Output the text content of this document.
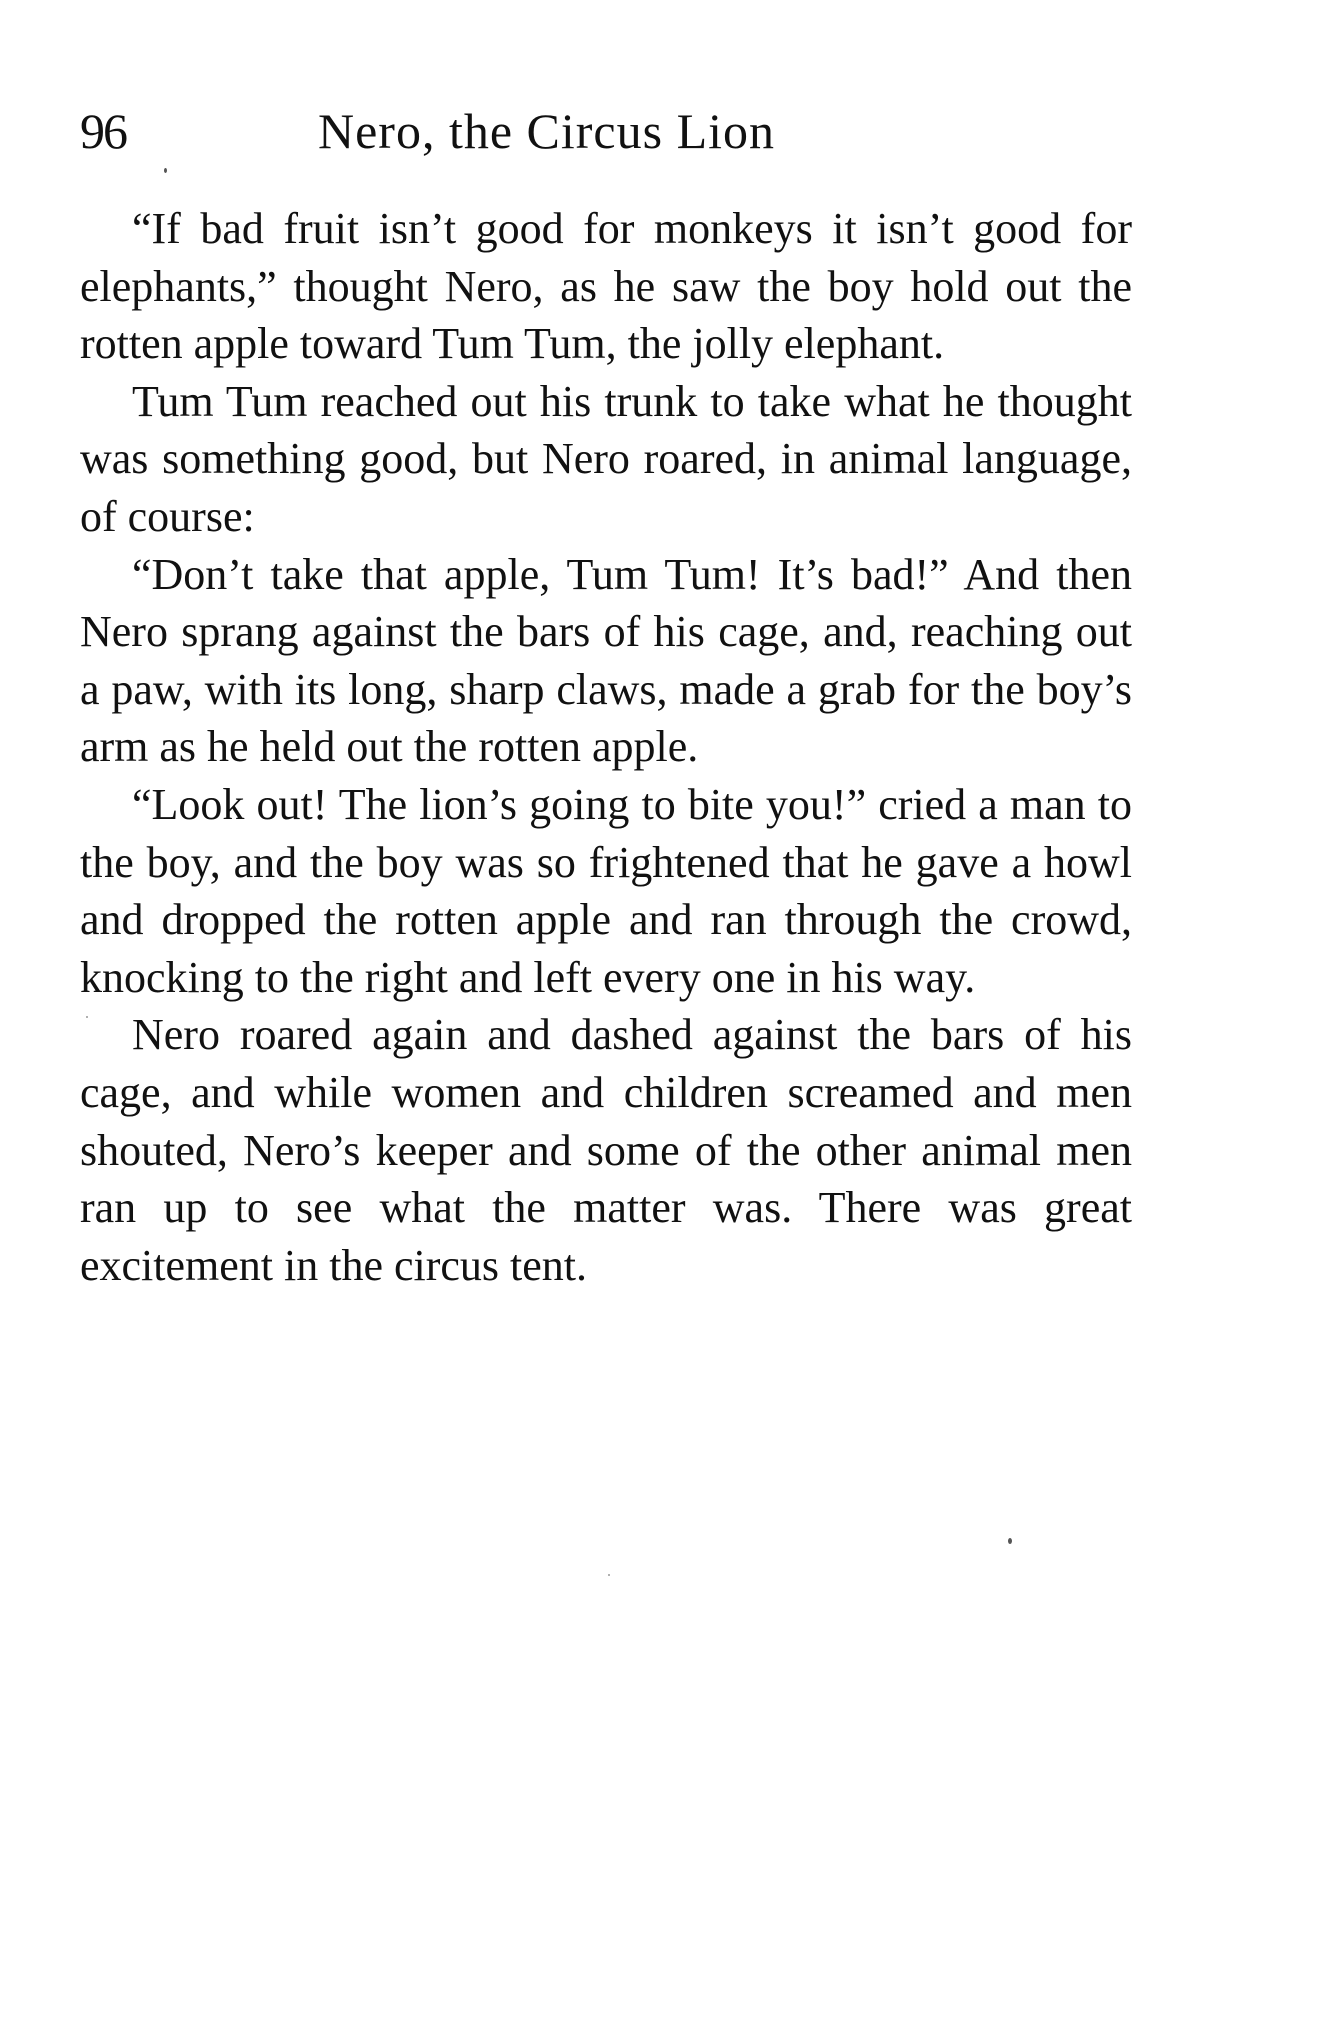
96	Nero, the Circus Lion

“If bad fruit isn’t good for monkeys it isn’t good for elephants,” thought Nero, as he saw the boy hold out the rotten apple toward Tum Tum, the jolly elephant.

Tum Tum reached out his trunk to take what he thought was something good, but Nero roared, in animal language, of course:

“Don’t take that apple, Tum Tum! It’s bad!” And then Nero sprang against the bars of his cage, and, reaching out a paw, with its long, sharp claws, made a grab for the boy’s arm as he held out the rotten apple.

“Look out! The lion’s going to bite you!” cried a man to the boy, and the boy was so frightened that he gave a howl and dropped the rotten apple and ran through the crowd, knocking to the right and left every one in his way.

Nero roared again and dashed against the bars of his cage, and while women and children screamed and men shouted, Nero’s keeper and some of the other animal men ran up to see what the matter was. There was great excitement in the circus tent.
